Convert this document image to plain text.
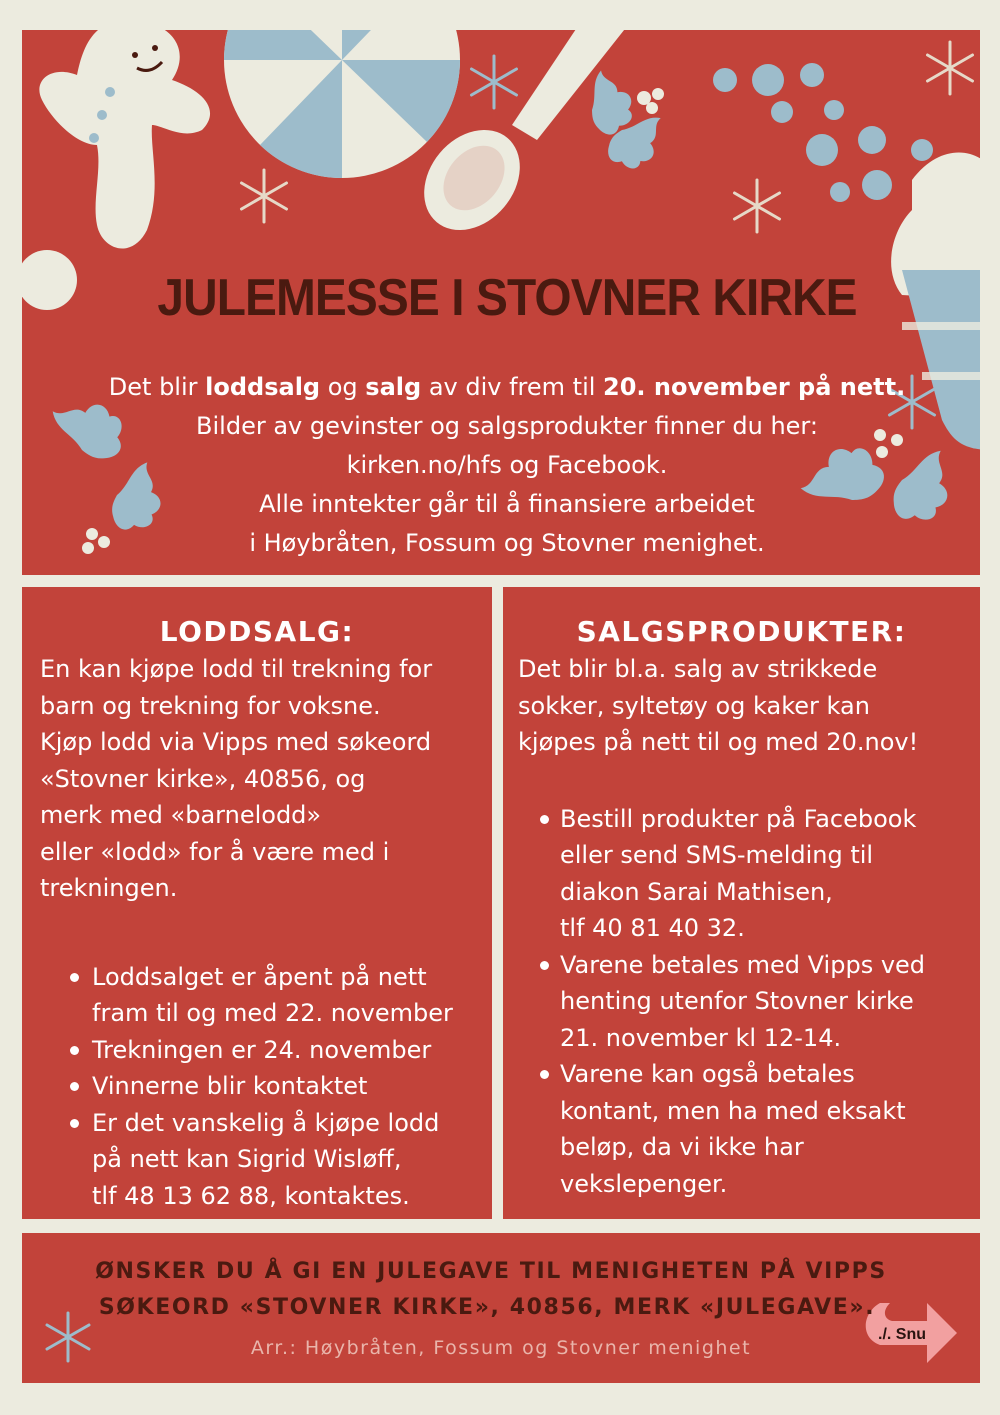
JULEMESSE I STOVNER KIRKE
Det blir loddsalg og salg av div frem til 20. november på nett.
Bilder av gevinster og salgsprodukter finner du her:
kirken.no/hfs og Facebook.
Alle inntekter går til å finansiere arbeidet
i Høybråten, Fossum og Stovner menighet.
LODDSALG:

En kan kjøpe lodd til trekning for
barn og trekning for voksne.
Kjøp lodd via Vipps med søkeord
«Stovner kirke», 40856, og
merk med «barnelodd»
eller «lodd» for å være med i
trekningen.

Loddsalget er åpent på nett
fram til og med 22. november
Trekningen er 24. november
Vinnerne blir kontaktet
Er det vanskelig å kjøpe lodd
på nett kan Sigrid Wisløff,
tlf 48 13 62 88, kontaktes.
SALGSPRODUKTER:

Det blir bl.a. salg av strikkede
sokker, syltetøy og kaker kan
kjøpes på nett til og med 20.nov!

Bestill produkter på Facebook
eller send SMS-melding til
diakon Sarai Mathisen,
tlf 40 81 40 32.
Varene betales med Vipps ved
henting utenfor Stovner kirke
21. november kl 12-14.
Varene kan også betales
kontant, men ha med eksakt
beløp, da vi ikke har
vekslepenger.
ØNSKER DU Å GI EN JULEGAVE TIL MENIGHETEN PÅ VIPPS
SØKEORD «STOVNER KIRKE», 40856, MERK «JULEGAVE».
Arr.: Høybråten, Fossum og Stovner menighet
./. Snu
